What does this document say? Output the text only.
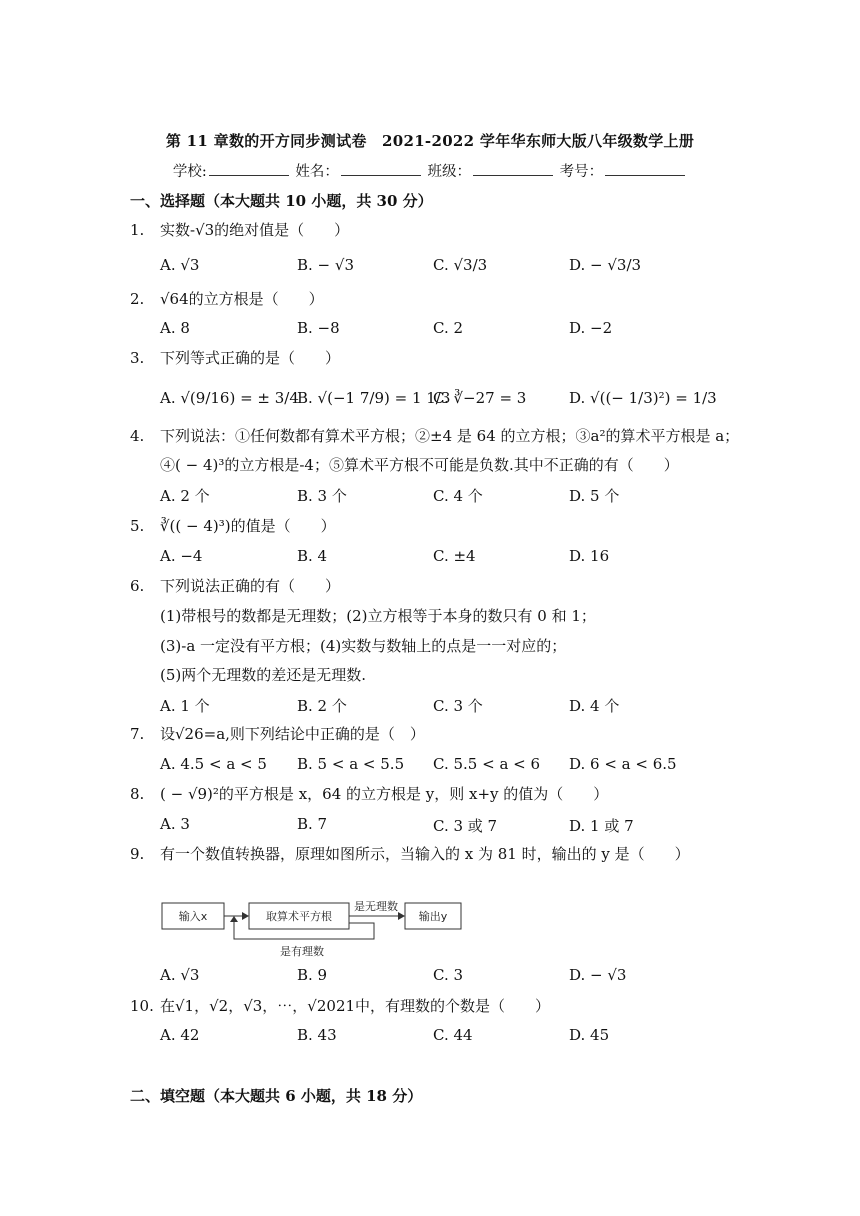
第 11 章数的开方同步测试卷　2021-2022 学年华东师大版八年级数学上册
学校:	姓名：	班级：	考号：
一、选择题（本大题共 10 小题，共 30 分）
1. 实数-√3的绝对值是（　　）
A. √3	B. − √3	C. √3/3	D. − √3/3
2. √64的立方根是（　　）
A. 8	B. −8	C. 2	D. −2
3. 下列等式正确的是（　　）
A. √(9/16) = ± 3/4
B. √(−1 7/9) = 1 1/3
C. ∛−27 = 3	D. √((− 1/3)²) = 1/3
4. 下列说法：①任何数都有算术平方根；②±4 是 64 的立方根；③a²的算术平方根是 a；
④( − 4)³的立方根是-4；⑤算术平方根不可能是负数.其中不正确的有（　　）
A. 2 个	B. 3 个	C. 4 个	D. 5 个
5. ∛(( − 4)³)的值是（　　）
A. −4	B. 4	C. ±4	D. 16
6. 下列说法正确的有（　　）
(1)带根号的数都是无理数；(2)立方根等于本身的数只有 0 和 1；
(3)-a 一定没有平方根；(4)实数与数轴上的点是一一对应的；
(5)两个无理数的差还是无理数.
A. 1 个	B. 2 个	C. 3 个	D. 4 个
7. 设√26=a,则下列结论中正确的是（　）
A. 4.5 < a < 5 B. 5 < a < 5.5 C. 5.5 < a < 6 D. 6 < a < 6.5
8. ( − √9)²的平方根是 x，64 的立方根是 y，则 x+y 的值为（　　）
A. 3	B. 7	C. 3 或 7	D. 1 或 7
9. 有一个数值转换器，原理如图所示，当输入的 x 为 81 时，输出的 y 是（　　）
输入x	取算术平方根
是无理数
输出y
是有理数
A. √3	B. 9	C. 3	D. − √3
10. 在√1，√2，√3，⋯，√2021中，有理数的个数是（　　）
A. 42	B. 43	C. 44	D. 45
二、填空题（本大题共 6 小题，共 18 分）
